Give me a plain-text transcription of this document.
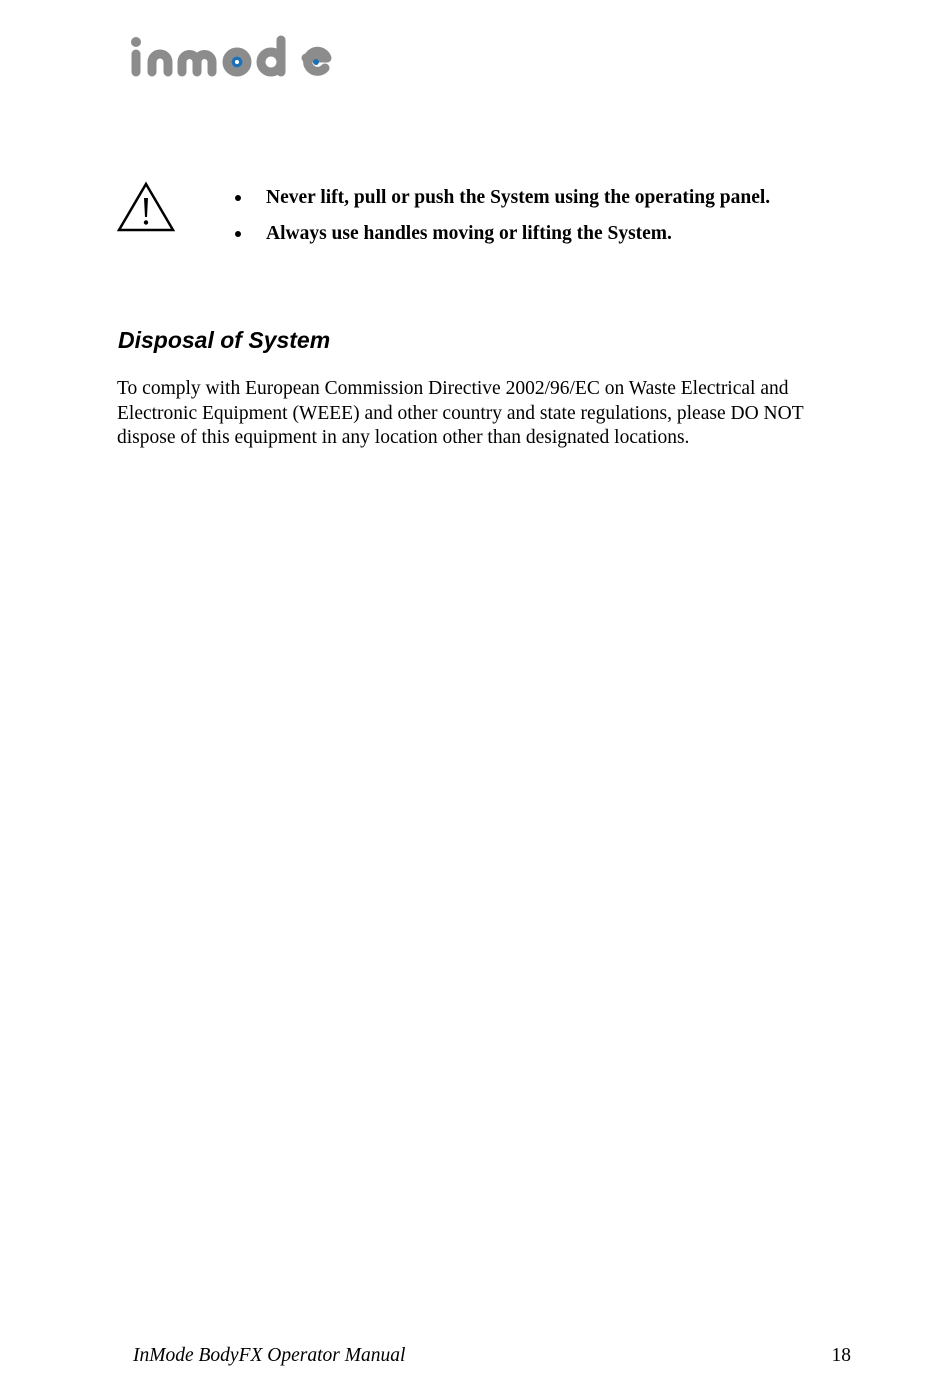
Never lift, pull or push the System using the operating panel.
Always use handles moving or lifting the System.
Disposal of System

To comply with European Commission Directive 2002/96/EC on Waste Electrical and
Electronic Equipment (WEEE) and other country and state regulations, please DO NOT
dispose of this equipment in any location other than designated locations.

InMode BodyFX Operator Manual	18
